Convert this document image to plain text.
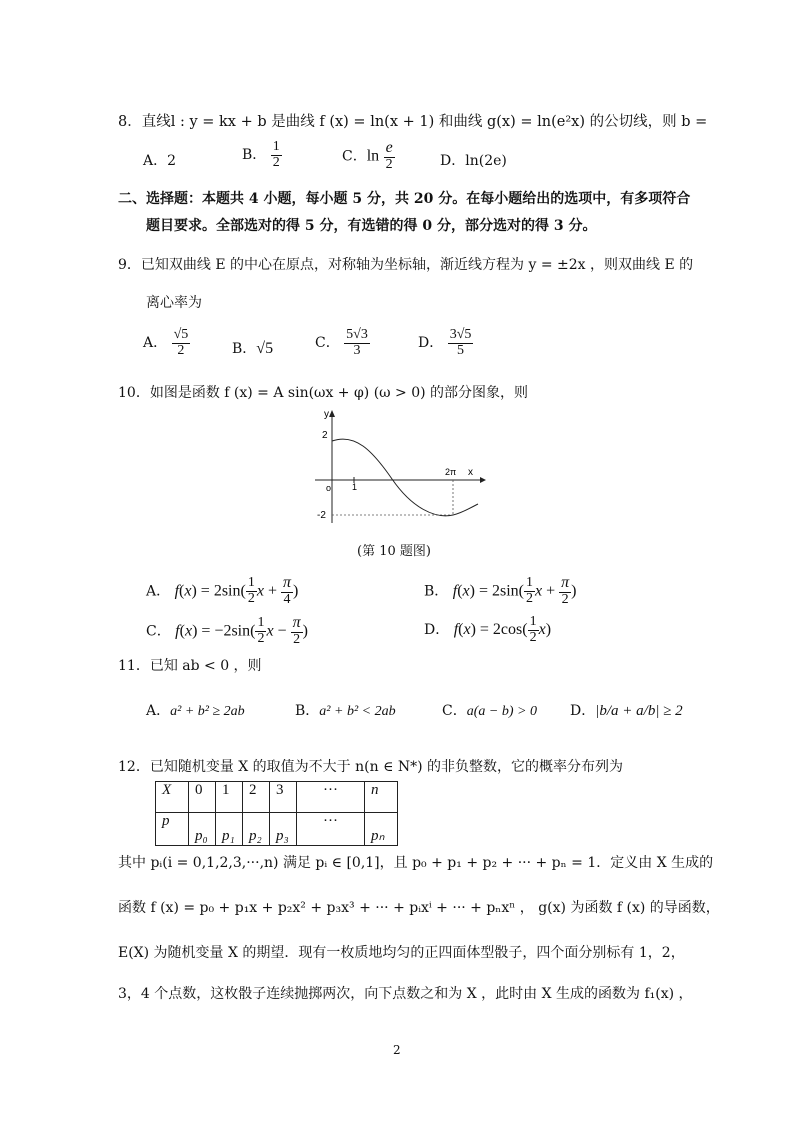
8．直线l : y = kx + b 是曲线 f (x) = ln(x + 1) 和曲线 g(x) = ln(e²x) 的公切线，则 b =
A．2	B． $\frac{1}{2}$	C．$\ln \frac{e}{2}$	D．ln(2e)
二、选择题：本题共 4 小题，每小题 5 分，共 20 分。在每小题给出的选项中，有多项符合
题目要求。全部选对的得 5 分，有选错的得 0 分，部分选对的得 3 分。
9．已知双曲线 E 的中心在原点，对称轴为坐标轴，渐近线方程为 y = ±2x ，则双曲线 E 的
离心率为
A． $\frac{√5}{2}$	B．√5	C． $\frac{5√3}{3}$	D． $\frac{3√5}{5}$
10．如图是函数 f (x) = A sin(ωx + φ) (ω > 0) 的部分图象，则
y
x
2
-2
o 1
2π
(第 10 题图)
A． $f(x) = 2\sin( \frac{1}{2}$ $x + \frac{\pi}{4}$ )	B． $f(x) = 2\sin( \frac{1}{2}$ $x + \frac{\pi}{2}$ )
C． $f(x) = -2\sin( \frac{1}{2}$ $x - \frac{\pi}{2}$ )	D． $f(x) = 2\cos( \frac{1}{2} x)$
11．已知 ab < 0 ，则
A．a² + b² ≥ 2ab	B．a² + b² < 2ab	C．a(a − b) > 0 D．|b/a + a/b| ≥ 2
12．已知随机变量 X 的取值为不大于 n(n ∈ N*) 的非负整数，它的概率分布列为
X	0	1	2	3	···	n
p	p₀	p₁	p₂	p₃	···	pₙ
其中 pᵢ(i = 0,1,2,3,···,n) 满足 pᵢ ∈ [0,1]，且 p₀ + p₁ + p₂ + ··· + pₙ = 1．定义由 X 生成的
函数 f (x) = p₀ + p₁x + p₂x² + p₃x³ + ··· + pᵢxⁱ + ··· + pₙxⁿ ， g(x) 为函数 f (x) 的导函数，
E(X) 为随机变量 X 的期望．现有一枚质地均匀的正四面体型骰子，四个面分别标有 1，2，
3，4 个点数，这枚骰子连续抛掷两次，向下点数之和为 X ，此时由 X 生成的函数为 f₁(x) ，
2
